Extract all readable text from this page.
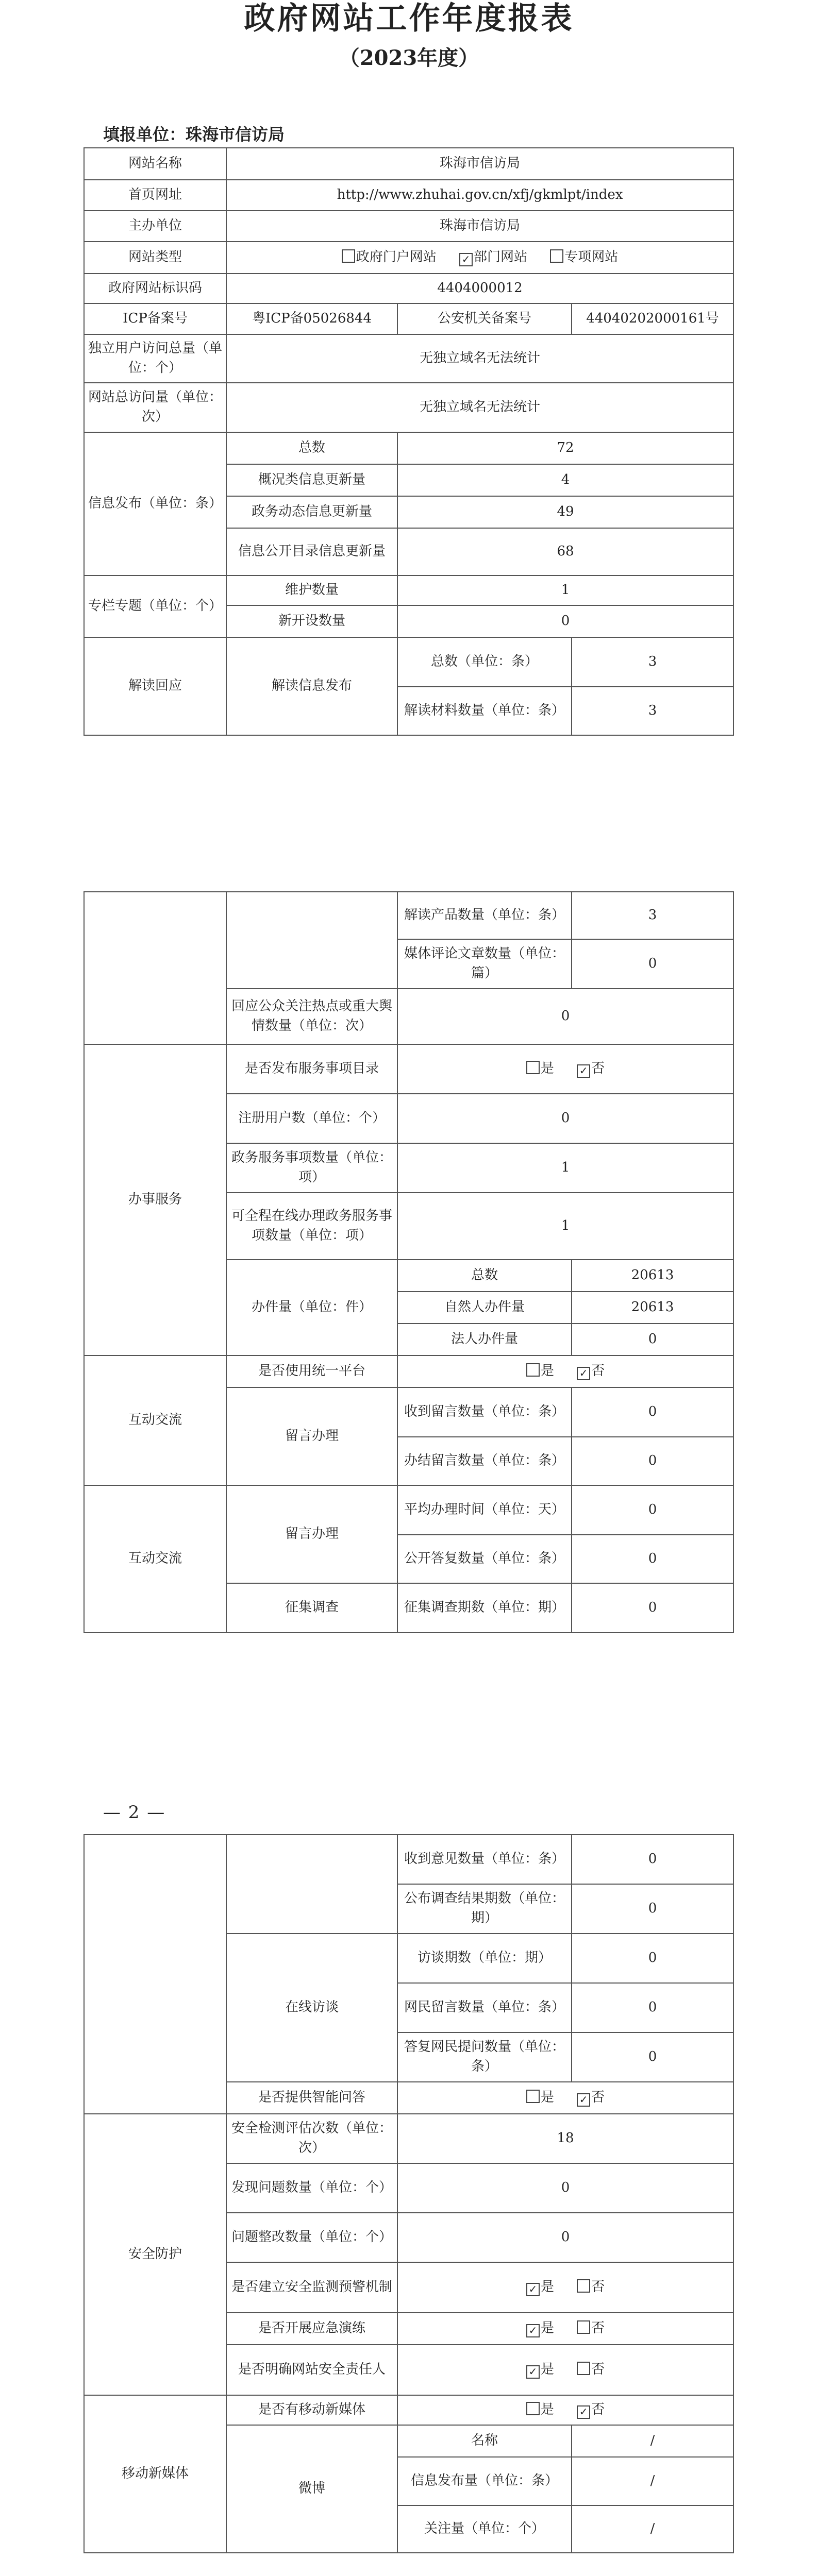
政府网站工作年度报表
（2023年度）
填报单位：珠海市信访局
网站名称	珠海市信访局		
首页网址	http://www.zhuhai.gov.cn/xfj/gkmlpt/index		
主办单位	珠海市信访局		
网站类型	政府门户网站 ✓ 部门网站 专项网站		
政府网站标识码	4404000012		
ICP备案号	粤ICP备05026844	公安机关备案号	44040202000161号
独立用户访问总量（单位：个）	无独立域名无法统计		
网站总访问量（单位：次）	无独立域名无法统计		
信息发布（单位：条）	总数	72	
	概况类信息更新量	4	
	政务动态信息更新量	49	
	信息公开目录信息更新量	68	
专栏专题（单位：个）	维护数量	1	
	新开设数量	0	
解读回应	解读信息发布	总数（单位：条）	3
		解读材料数量（单位：条）	3
		解读产品数量（单位：条）	3
		媒体评论文章数量（单位：篇）	0
	回应公众关注热点或重大舆情数量（单位：次）	0	
办事服务	是否发布服务事项目录	是 ✓ 否	
	注册用户数（单位：个）	0	
	政务服务事项数量（单位：项）	1	
	可全程在线办理政务服务事项数量（单位：项）	1	
	办件量（单位：件）	总数	20613
		自然人办件量	20613
		法人办件量	0
互动交流	是否使用统一平台	是 ✓ 否	
	留言办理	收到留言数量（单位：条）	0
		办结留言数量（单位：条）	0
互动交流	留言办理	平均办理时间（单位：天）	0
		公开答复数量（单位：条）	0
	征集调查	征集调查期数（单位：期）	0
— 2 —
		收到意见数量（单位：条）	0
		公布调查结果期数（单位：期）	0
	在线访谈	访谈期数（单位：期）	0
		网民留言数量（单位：条）	0
		答复网民提问数量（单位：条）	0
	是否提供智能问答	是 ✓ 否	
安全防护	安全检测评估次数（单位：次）	18	
	发现问题数量（单位：个）	0	
	问题整改数量（单位：个）	0	
	是否建立安全监测预警机制	✓ 是 否	
	是否开展应急演练	✓ 是 否	
	是否明确网站安全责任人	✓ 是 否	
移动新媒体	是否有移动新媒体	是 ✓ 否	
	微博	名称	/
		信息发布量（单位：条）	/
		关注量（单位：个）	/
